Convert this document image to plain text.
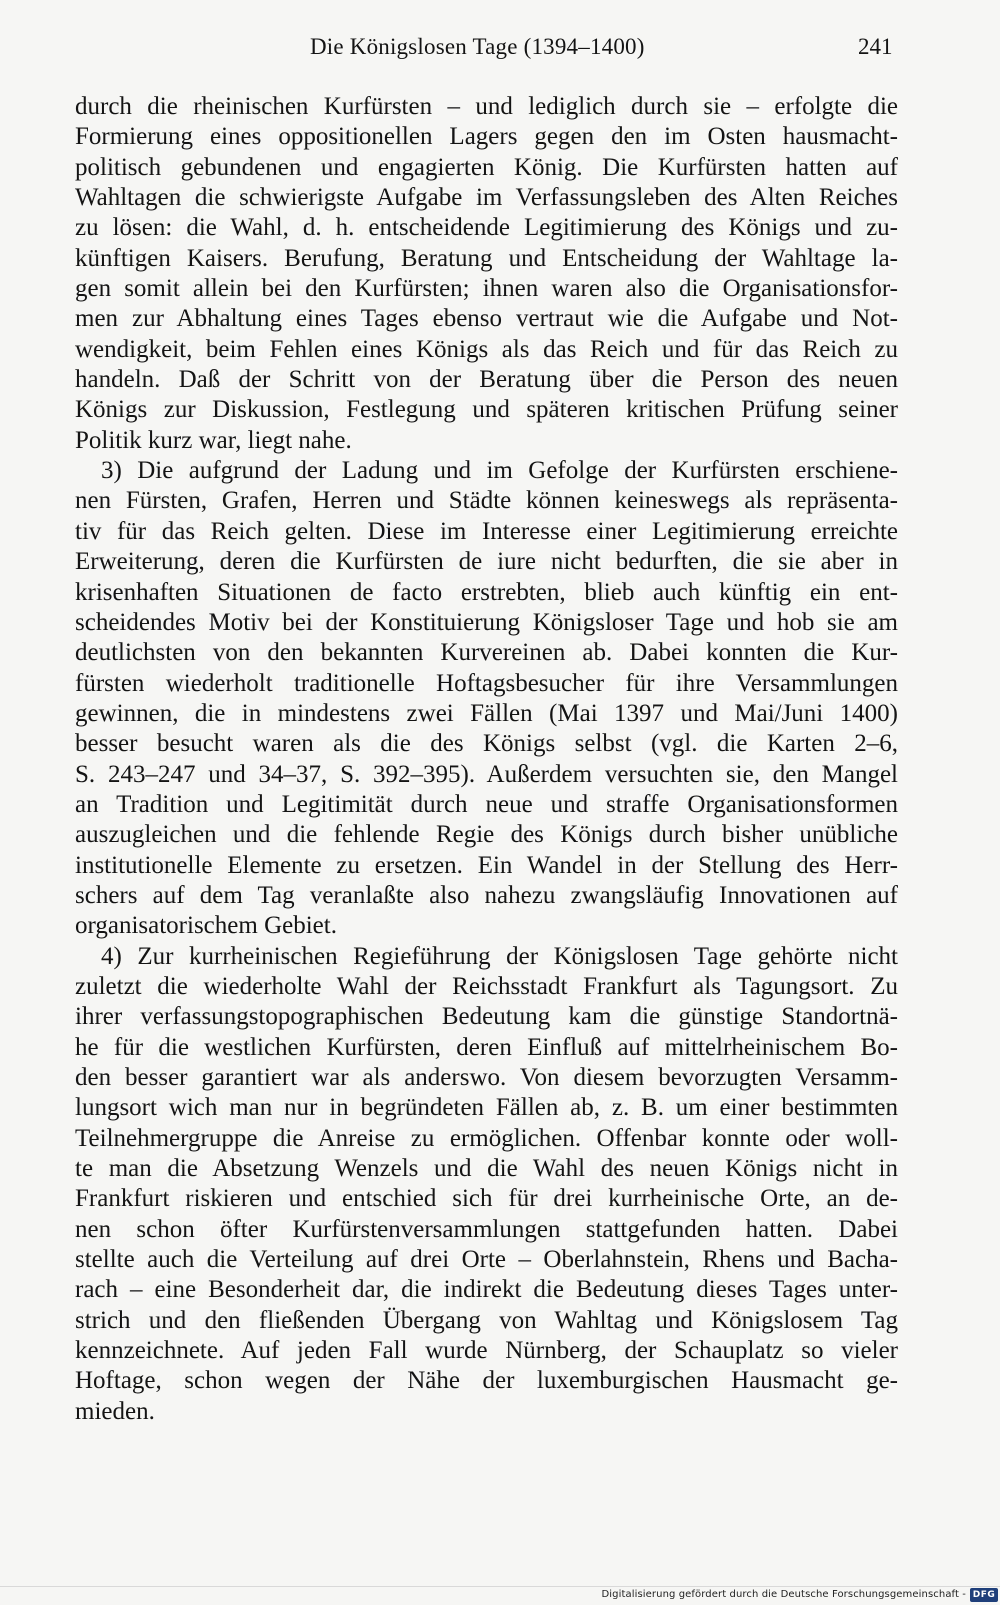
Die Königslosen Tage (1394–1400)	241
durch die rheinischen Kurfürsten – und lediglich durch sie – erfolgte die
Formierung eines oppositionellen Lagers gegen den im Osten hausmacht-
politisch gebundenen und engagierten König. Die Kurfürsten hatten auf
Wahltagen die schwierigste Aufgabe im Verfassungsleben des Alten Reiches
zu lösen: die Wahl, d. h. entscheidende Legitimierung des Königs und zu-
künftigen Kaisers. Berufung, Beratung und Entscheidung der Wahltage la-
gen somit allein bei den Kurfürsten; ihnen waren also die Organisationsfor-
men zur Abhaltung eines Tages ebenso vertraut wie die Aufgabe und Not-
wendigkeit, beim Fehlen eines Königs als das Reich und für das Reich zu
handeln. Daß der Schritt von der Beratung über die Person des neuen
Königs zur Diskussion, Festlegung und späteren kritischen Prüfung seiner
Politik kurz war, liegt nahe.
3) Die aufgrund der Ladung und im Gefolge der Kurfürsten erschiene-
nen Fürsten, Grafen, Herren und Städte können keineswegs als repräsenta-
tiv für das Reich gelten. Diese im Interesse einer Legitimierung erreichte
Erweiterung, deren die Kurfürsten de iure nicht bedurften, die sie aber in
krisenhaften Situationen de facto erstrebten, blieb auch künftig ein ent-
scheidendes Motiv bei der Konstituierung Königsloser Tage und hob sie am
deutlichsten von den bekannten Kurvereinen ab. Dabei konnten die Kur-
fürsten wiederholt traditionelle Hoftagsbesucher für ihre Versammlungen
gewinnen, die in mindestens zwei Fällen (Mai 1397 und Mai/Juni 1400)
besser besucht waren als die des Königs selbst (vgl. die Karten 2–6,
S. 243–247 und 34–37, S. 392–395). Außerdem versuchten sie, den Mangel
an Tradition und Legitimität durch neue und straffe Organisationsformen
auszugleichen und die fehlende Regie des Königs durch bisher unübliche
institutionelle Elemente zu ersetzen. Ein Wandel in der Stellung des Herr-
schers auf dem Tag veranlaßte also nahezu zwangsläufig Innovationen auf
organisatorischem Gebiet.
4) Zur kurrheinischen Regieführung der Königslosen Tage gehörte nicht
zuletzt die wiederholte Wahl der Reichsstadt Frankfurt als Tagungsort. Zu
ihrer verfassungstopographischen Bedeutung kam die günstige Standortnä-
he für die westlichen Kurfürsten, deren Einfluß auf mittelrheinischem Bo-
den besser garantiert war als anderswo. Von diesem bevorzugten Versamm-
lungsort wich man nur in begründeten Fällen ab, z. B. um einer bestimmten
Teilnehmergruppe die Anreise zu ermöglichen. Offenbar konnte oder woll-
te man die Absetzung Wenzels und die Wahl des neuen Königs nicht in
Frankfurt riskieren und entschied sich für drei kurrheinische Orte, an de-
nen schon öfter Kurfürstenversammlungen stattgefunden hatten. Dabei
stellte auch die Verteilung auf drei Orte – Oberlahnstein, Rhens und Bacha-
rach – eine Besonderheit dar, die indirekt die Bedeutung dieses Tages unter-
strich und den fließenden Übergang von Wahltag und Königslosem Tag
kennzeichnete. Auf jeden Fall wurde Nürnberg, der Schauplatz so vieler
Hoftage, schon wegen der Nähe der luxemburgischen Hausmacht ge-
mieden.
Digitalisierung gefördert durch die Deutsche Forschungsgemeinschaft - DFG
